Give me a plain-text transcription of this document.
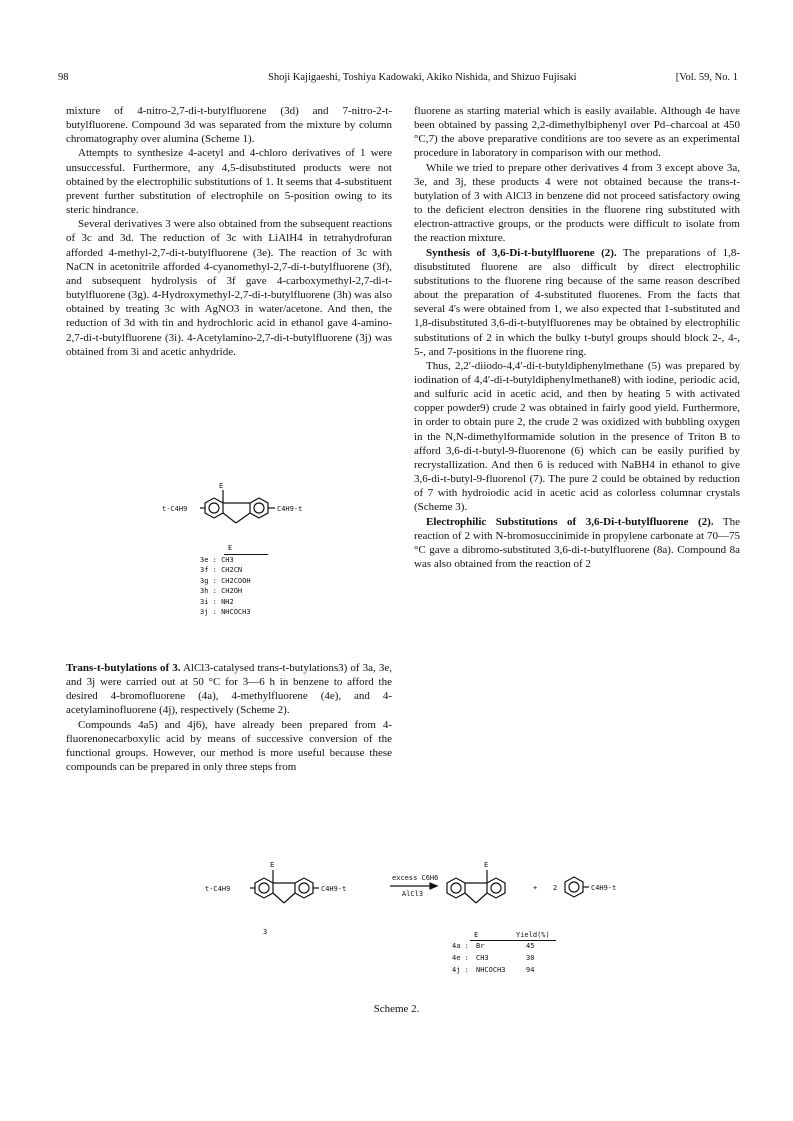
98	Shoji Kajigaeshi, Toshiya Kadowaki, Akiko Nishida, and Shizuo Fujisaki	[Vol. 59, No. 1

mixture of 4-nitro-2,7-di-t-butylfluorene (3d) and 7-nitro-2-t-butylfluorene. Compound 3d was separated from the mixture by column chromatography over alumina (Scheme 1).

Attempts to synthesize 4-acetyl and 4-chloro derivatives of 1 were unsuccessful. Furthermore, any 4,5-disubstituted products were not obtained by the electrophilic substitutions of 1. It seems that 4-substituent prevent further substitution of electrophile on 5-position owing to its steric hindrance.

Several derivatives 3 were also obtained from the subsequent reactions of 3c and 3d. The reduction of 3c with LiAlH4 in tetrahydrofuran afforded 4-methyl-2,7-di-t-butylfluorene (3e). The reaction of 3c with NaCN in acetonitrile afforded 4-cyanomethyl-2,7-di-t-butylfluorene (3f), and subsequent hydrolysis of 3f gave 4-carboxymethyl-2,7-di-t-butylfluorene (3g). 4-Hydroxymethyl-2,7-di-t-butylfluorene (3h) was also obtained by treating 3c with AgNO3 in water/acetone. And then, the reduction of 3d with tin and hydrochloric acid in ethanol gave 4-amino-2,7-di-t-butylfluorene (3i). 4-Acetylamino-2,7-di-t-butylfluorene (3j) was obtained from 3i and acetic anhydride.

E
t-C4H9	C4H9-t
E
3e : CH3
3f : CH2CN
3g : CH2COOH
3h : CH2OH
3i : NH2
3j : NHCOCH3

Trans-t-butylations of 3. AlCl3-catalysed trans-t-butylations3) of 3a, 3e, and 3j were carried out at 50 °C for 3—6 h in benzene to afford the desired 4-bromofluorene (4a), 4-methylfluorene (4e), and 4-acetylaminofluorene (4j), respectively (Scheme 2).

Compounds 4a5) and 4j6), have already been prepared from 4-fluorenonecarboxylic acid by means of successive conversion of the functional groups. However, our method is more useful because these compounds can be prepared in only three steps from

fluorene as starting material which is easily available. Although 4e have been obtained by passing 2,2-dimethylbiphenyl over Pd–charcoal at 450 °C,7) the above preparative conditions are too severe as an experimental procedure in laboratory in comparison with our method.

While we tried to prepare other derivatives 4 from 3 except above 3a, 3e, and 3j, these products 4 were not obtained because the trans-t-butylation of 3 with AlCl3 in benzene did not proceed satisfactory owing to the deficient electron densities in the fluorene ring substituted with electron-attractive groups, or the products were difficult to isolate from the reaction mixture.

Synthesis of 3,6-Di-t-butylfluorene (2). The preparations of 1,8-disubstituted fluorene are also difficult by direct electrophilic substitutions to the fluorene ring because of the same reason described about the preparation of 4-substituted fluorenes. From the facts that several 4's were obtained from 1, we also expected that 1-substituted and 1,8-disubstituted 3,6-di-t-butylfluorenes may be obtained by electrophilic substitutions of 2 in which the bulky t-butyl groups should block 2-, 4-, 5-, and 7-positions in the fluorene ring.

Thus, 2,2′-diiodo-4,4′-di-t-butyldiphenylmethane (5) was prepared by iodination of 4,4′-di-t-butyldiphenylmethane8) with iodine, periodic acid, and sulfuric acid in acetic acid, and then by heating 5 with activated copper powder9) crude 2 was obtained in fairly good yield. Furthermore, in order to obtain pure 2, the crude 2 was oxidized with bubbling oxygen in the N,N-dimethylformamide solution in the presence of Triton B to afford 3,6-di-t-butyl-9-fluorenone (6) which can be easily purified by recrystallization. And then 6 is reduced with NaBH4 in ethanol to give 3,6-di-t-butyl-9-fluorenol (7). The pure 2 could be obtained by reduction of 7 with hydroiodic acid in acetic acid as colorless columnar crystals (Scheme 3).

Electrophilic Substitutions of 3,6-Di-t-butylfluorene (2). The reaction of 2 with N-bromosuccinimide in propylene carbonate at 70—75 °C gave a dibromo-substituted 3,6-di-t-butylfluorene (8a). Compound 8a was also obtained from the reaction of 2

E
t-C4H9	C4H9-t
excess C6H6
AlCl3
3
E
+ 2	C4H9-t
E	Yield(%)
4a : Br	45
4e : CH3	30
4j : NHCOCH3	94
Scheme 2.
